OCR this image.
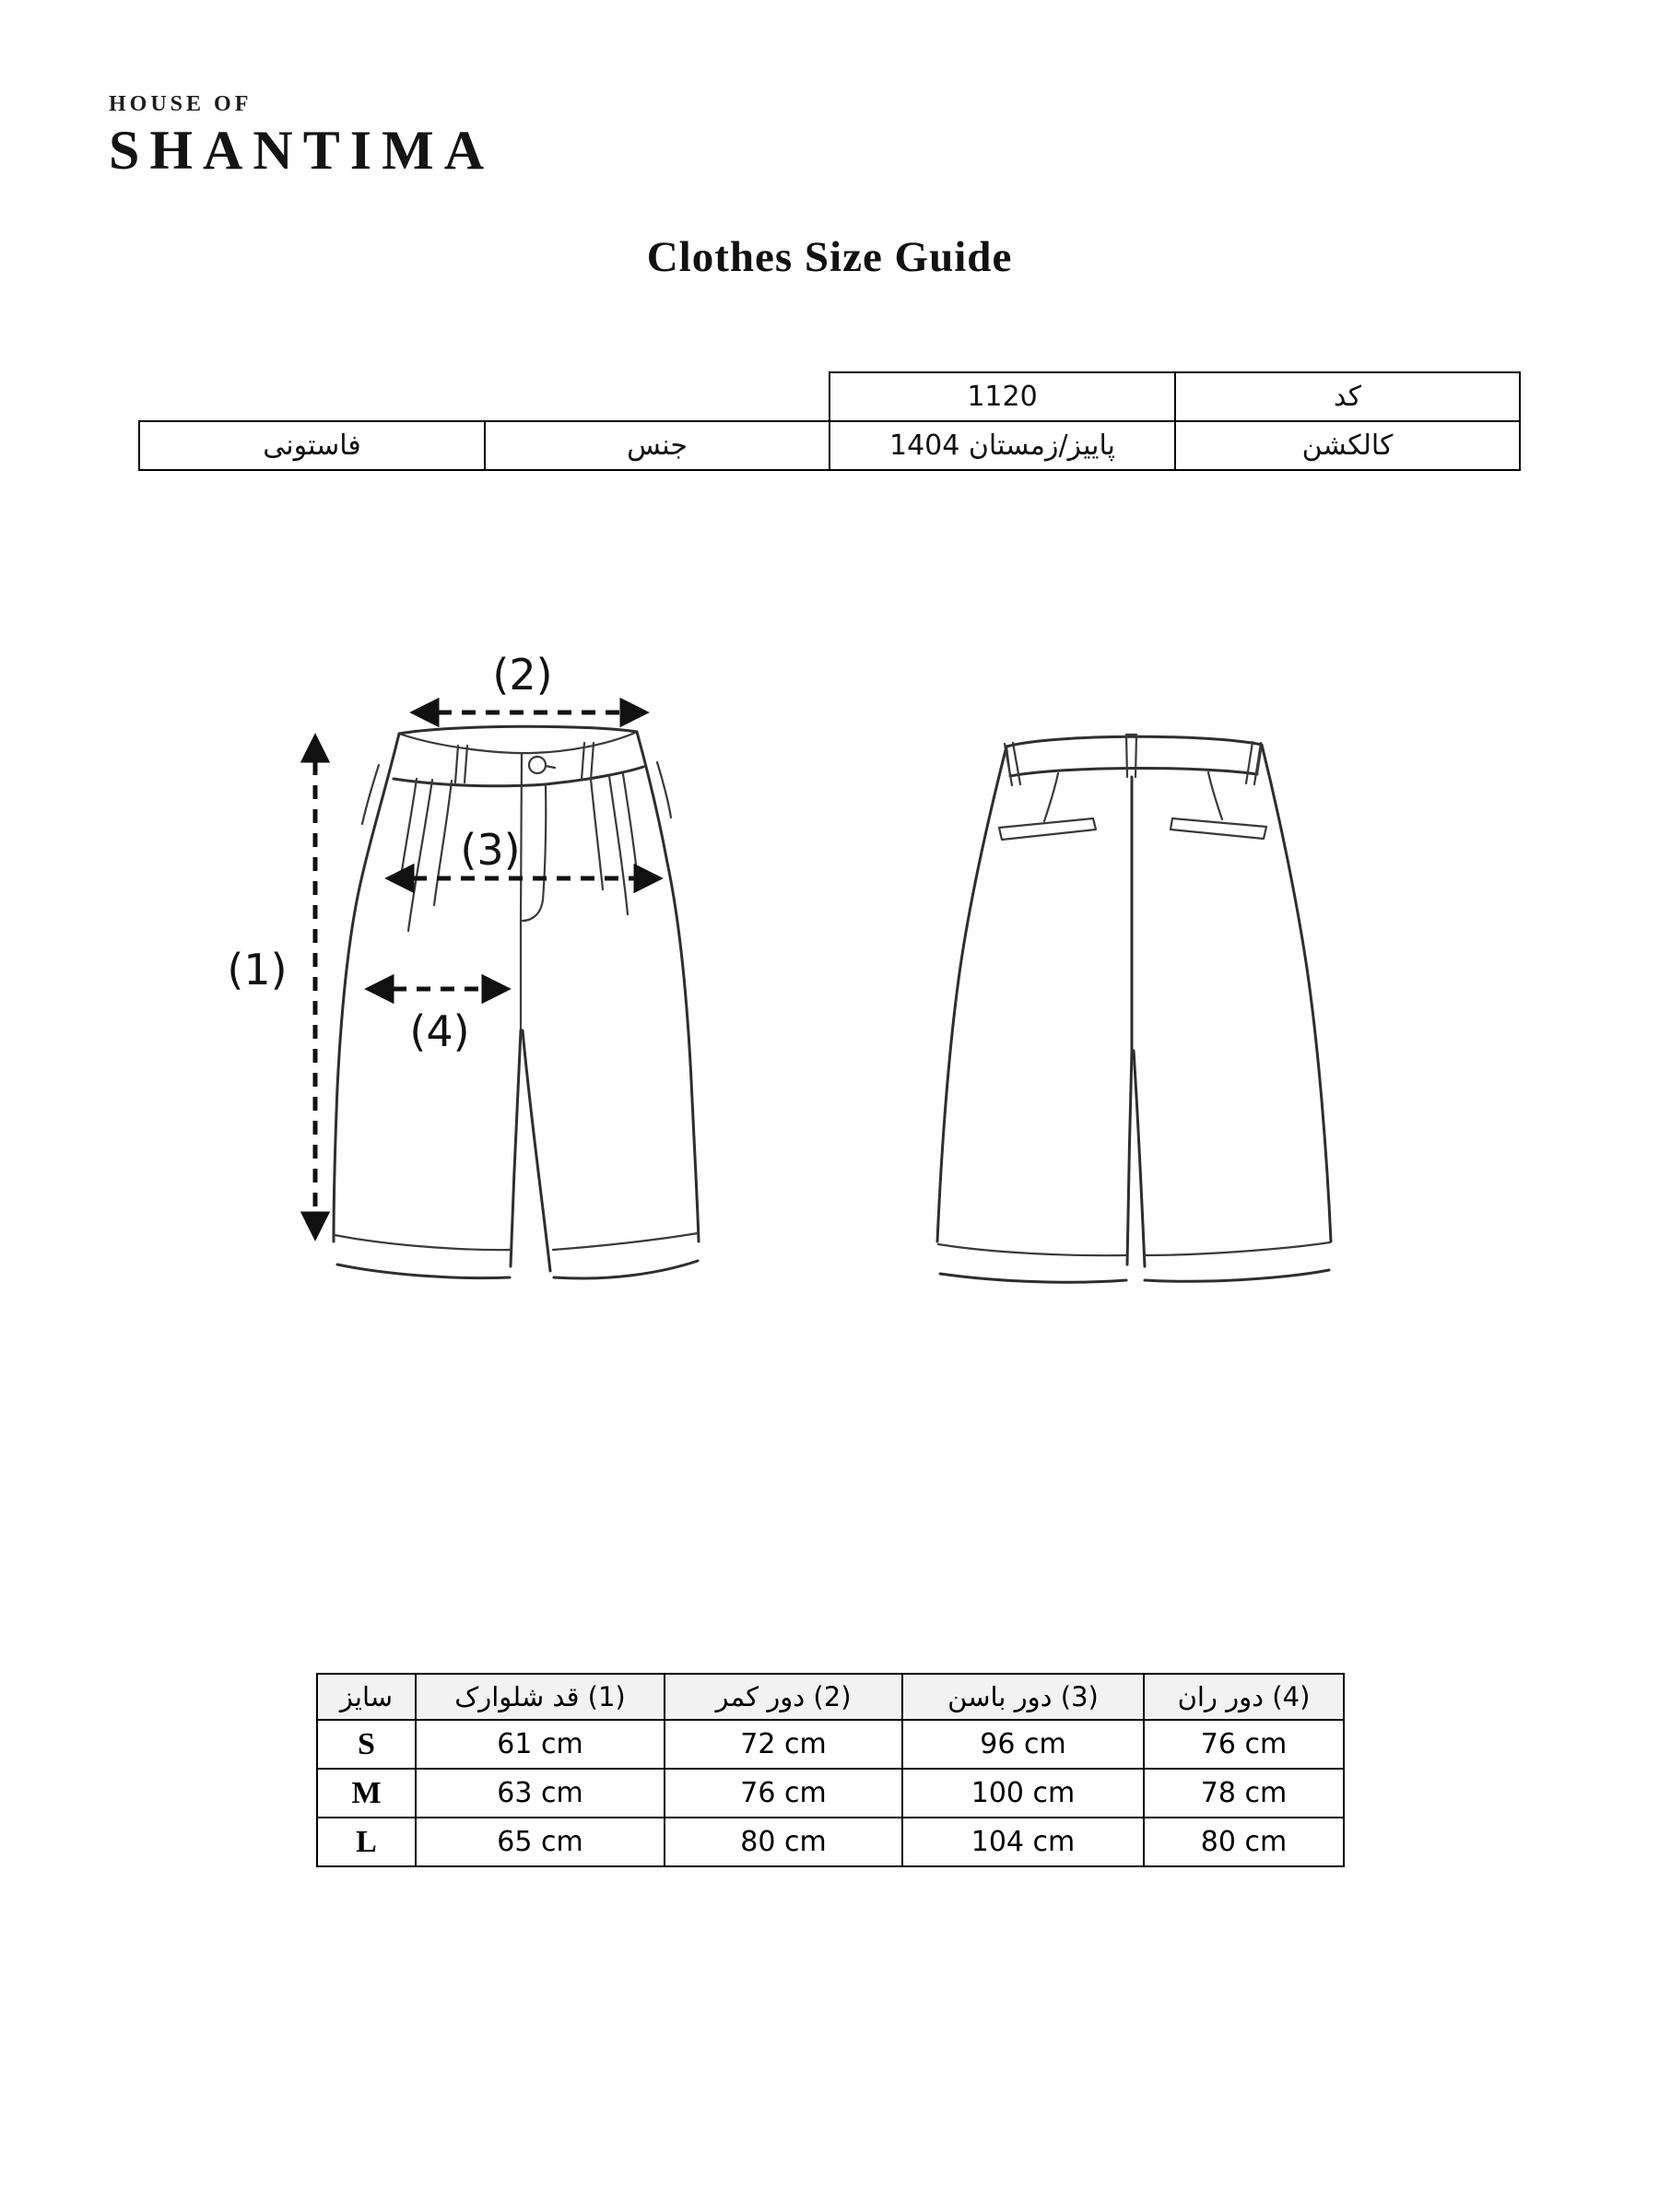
HOUSE OF
SHANTIMA
Clothes Size Guide
		1120	کد
فاستونی	جنس	پاییز/زمستان 1404	کالکشن
(1)
(2)
(3)
(4)
سایز	(1) قد شلوارک	(2) دور کمر	(3) دور باسن	(4) دور ران
S	61 cm	72 cm	96 cm	76 cm
M	63 cm	76 cm	100 cm	78 cm
L	65 cm	80 cm	104 cm	80 cm
